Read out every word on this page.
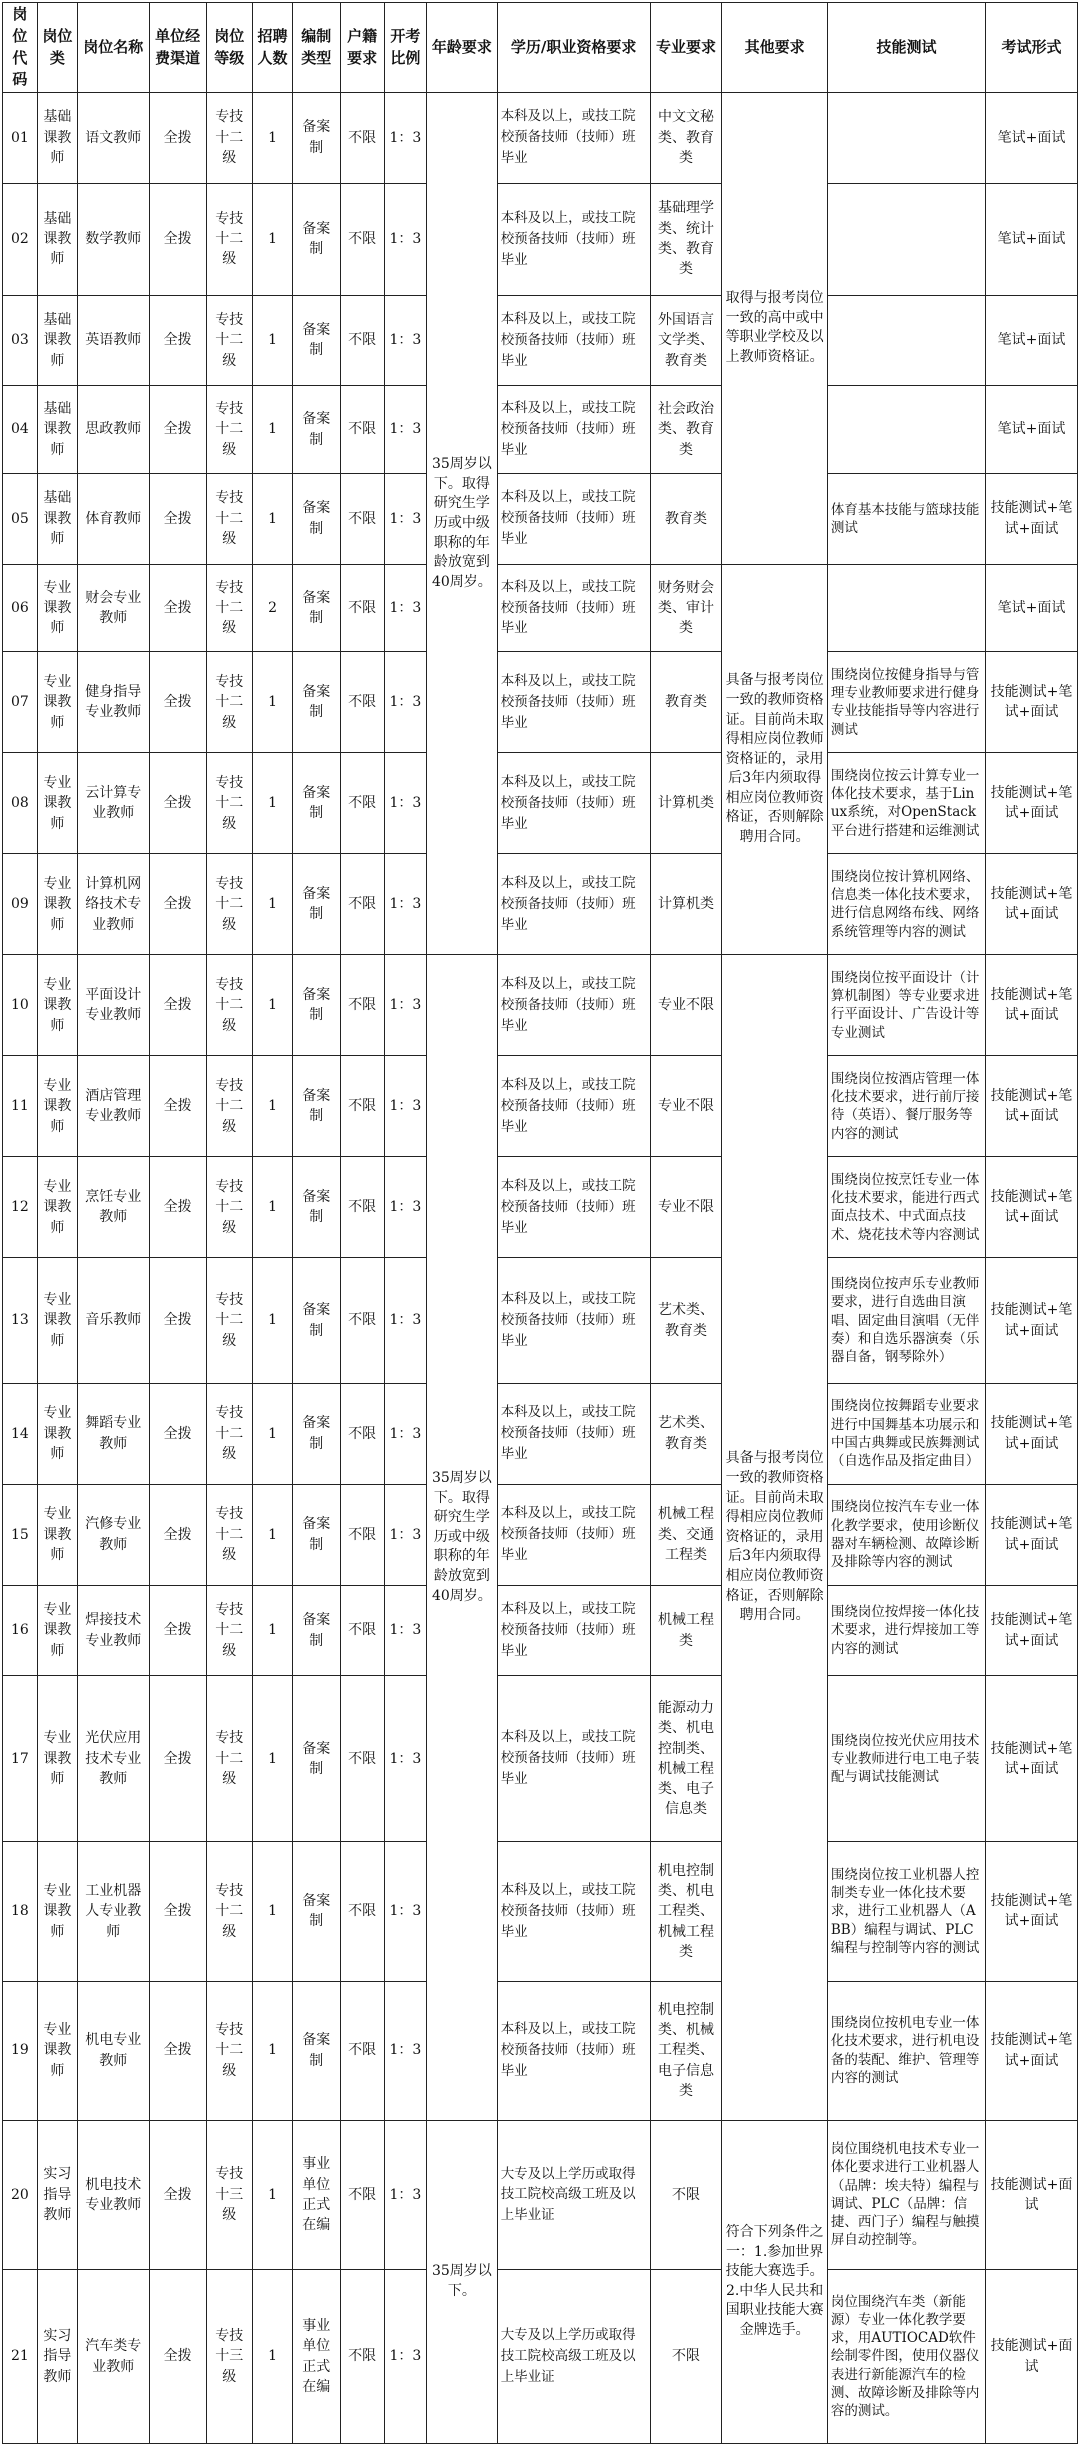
岗位代码	岗位类	岗位名称	单位经费渠道	岗位等级	招聘人数	编制类型	户籍要求	开考比例	年龄要求	学历/职业资格要求	专业要求	其他要求	技能测试	考试形式
01	基础课教师	语文教师	全拨	专技十二级	1	备案制	不限	1：3	35周岁以下。取得研究生学历或中级职称的年龄放宽到40周岁。	本科及以上，或技工院校预备技师（技师）班毕业	中文文秘类、教育类	取得与报考岗位一致的高中或中等职业学校及以上教师资格证。		笔试+面试
02	基础课教师	数学教师	全拨	专技十二级	1	备案制	不限	1：3		本科及以上，或技工院校预备技师（技师）班毕业	基础理学类、统计类、教育类			笔试+面试
03	基础课教师	英语教师	全拨	专技十二级	1	备案制	不限	1：3		本科及以上，或技工院校预备技师（技师）班毕业	外国语言文学类、教育类			笔试+面试
04	基础课教师	思政教师	全拨	专技十二级	1	备案制	不限	1：3		本科及以上，或技工院校预备技师（技师）班毕业	社会政治类、教育类			笔试+面试
05	基础课教师	体育教师	全拨	专技十二级	1	备案制	不限	1：3		本科及以上，或技工院校预备技师（技师）班毕业	教育类		体育基本技能与篮球技能测试	技能测试+笔试+面试
06	专业课教师	财会专业教师	全拨	专技十二级	2	备案制	不限	1：3		本科及以上，或技工院校预备技师（技师）班毕业	财务财会类、审计类	具备与报考岗位一致的教师资格证。目前尚未取得相应岗位教师资格证的，录用后3年内须取得相应岗位教师资格证，否则解除聘用合同。		笔试+面试
07	专业课教师	健身指导专业教师	全拨	专技十二级	1	备案制	不限	1：3		本科及以上，或技工院校预备技师（技师）班毕业	教育类		围绕岗位按健身指导与管理专业教师要求进行健身专业技能指导等内容进行测试	技能测试+笔试+面试
08	专业课教师	云计算专业教师	全拨	专技十二级	1	备案制	不限	1：3		本科及以上，或技工院校预备技师（技师）班毕业	计算机类		围绕岗位按云计算专业一体化技术要求，基于Linux系统，对OpenStack平台进行搭建和运维测试	技能测试+笔试+面试
09	专业课教师	计算机网络技术专业教师	全拨	专技十二级	1	备案制	不限	1：3		本科及以上，或技工院校预备技师（技师）班毕业	计算机类		围绕岗位按计算机网络、信息类一体化技术要求，进行信息网络布线、网络系统管理等内容的测试	技能测试+笔试+面试
10	专业课教师	平面设计专业教师	全拨	专技十二级	1	备案制	不限	1：3	35周岁以下。取得研究生学历或中级职称的年龄放宽到40周岁。	本科及以上，或技工院校预备技师（技师）班毕业	专业不限	具备与报考岗位一致的教师资格证。目前尚未取得相应岗位教师资格证的，录用后3年内须取得相应岗位教师资格证，否则解除聘用合同。	围绕岗位按平面设计（计算机制图）等专业要求进行平面设计、广告设计等专业测试	技能测试+笔试+面试
11	专业课教师	酒店管理专业教师	全拨	专技十二级	1	备案制	不限	1：3		本科及以上，或技工院校预备技师（技师）班毕业	专业不限		围绕岗位按酒店管理一体化技术要求，进行前厅接待（英语）、餐厅服务等内容的测试	技能测试+笔试+面试
12	专业课教师	烹饪专业教师	全拨	专技十二级	1	备案制	不限	1：3		本科及以上，或技工院校预备技师（技师）班毕业	专业不限		围绕岗位按烹饪专业一体化技术要求，能进行西式面点技术、中式面点技术、烧花技术等内容测试	技能测试+笔试+面试
13	专业课教师	音乐教师	全拨	专技十二级	1	备案制	不限	1：3		本科及以上，或技工院校预备技师（技师）班毕业	艺术类、教育类		围绕岗位按声乐专业教师要求，进行自选曲目演唱、固定曲目演唱（无伴奏）和自选乐器演奏（乐器自备，钢琴除外）	技能测试+笔试+面试
14	专业课教师	舞蹈专业教师	全拨	专技十二级	1	备案制	不限	1：3		本科及以上，或技工院校预备技师（技师）班毕业	艺术类、教育类		围绕岗位按舞蹈专业要求进行中国舞基本功展示和中国古典舞或民族舞测试（自选作品及指定曲目）	技能测试+笔试+面试
15	专业课教师	汽修专业教师	全拨	专技十二级	1	备案制	不限	1：3		本科及以上，或技工院校预备技师（技师）班毕业	机械工程类、交通工程类		围绕岗位按汽车专业一体化教学要求，使用诊断仪器对车辆检测、故障诊断及排除等内容的测试	技能测试+笔试+面试
16	专业课教师	焊接技术专业教师	全拨	专技十二级	1	备案制	不限	1：3		本科及以上，或技工院校预备技师（技师）班毕业	机械工程类		围绕岗位按焊接一体化技术要求，进行焊接加工等内容的测试	技能测试+笔试+面试
17	专业课教师	光伏应用技术专业教师	全拨	专技十二级	1	备案制	不限	1：3		本科及以上，或技工院校预备技师（技师）班毕业	能源动力类、机电控制类、机械工程类、电子信息类		围绕岗位按光伏应用技术专业教师进行电工电子装配与调试技能测试	技能测试+笔试+面试
18	专业课教师	工业机器人专业教师	全拨	专技十二级	1	备案制	不限	1：3		本科及以上，或技工院校预备技师（技师）班毕业	机电控制类、机电工程类、机械工程类		围绕岗位按工业机器人控制类专业一体化技术要求，进行工业机器人（ABB）编程与调试、PLC编程与控制等内容的测试	技能测试+笔试+面试
19	专业课教师	机电专业教师	全拨	专技十二级	1	备案制	不限	1：3		本科及以上，或技工院校预备技师（技师）班毕业	机电控制类、机械工程类、电子信息类		围绕岗位按机电专业一体化技术要求，进行机电设备的装配、维护、管理等内容的测试	技能测试+笔试+面试
20	实习指导教师	机电技术专业教师	全拨	专技十三级	1	事业单位正式在编	不限	1：3	35周岁以下。	大专及以上学历或取得技工院校高级工班及以上毕业证	不限	符合下列条件之一：1.参加世界技能大赛选手。 2.中华人民共和国职业技能大赛金牌选手。	岗位围绕机电技术专业一体化要求进行工业机器人（品牌：埃夫特）编程与调试、PLC（品牌：信捷、西门子）编程与触摸屏自动控制等。	技能测试+面试
21	实习指导教师	汽车类专业教师	全拨	专技十三级	1	事业单位正式在编	不限	1：3		大专及以上学历或取得技工院校高级工班及以上毕业证	不限		岗位围绕汽车类（新能源）专业一体化教学要求，用AUTIOCAD软件绘制零件图，使用仪器仪表进行新能源汽车的检测、故障诊断及排除等内容的测试。	技能测试+面试
